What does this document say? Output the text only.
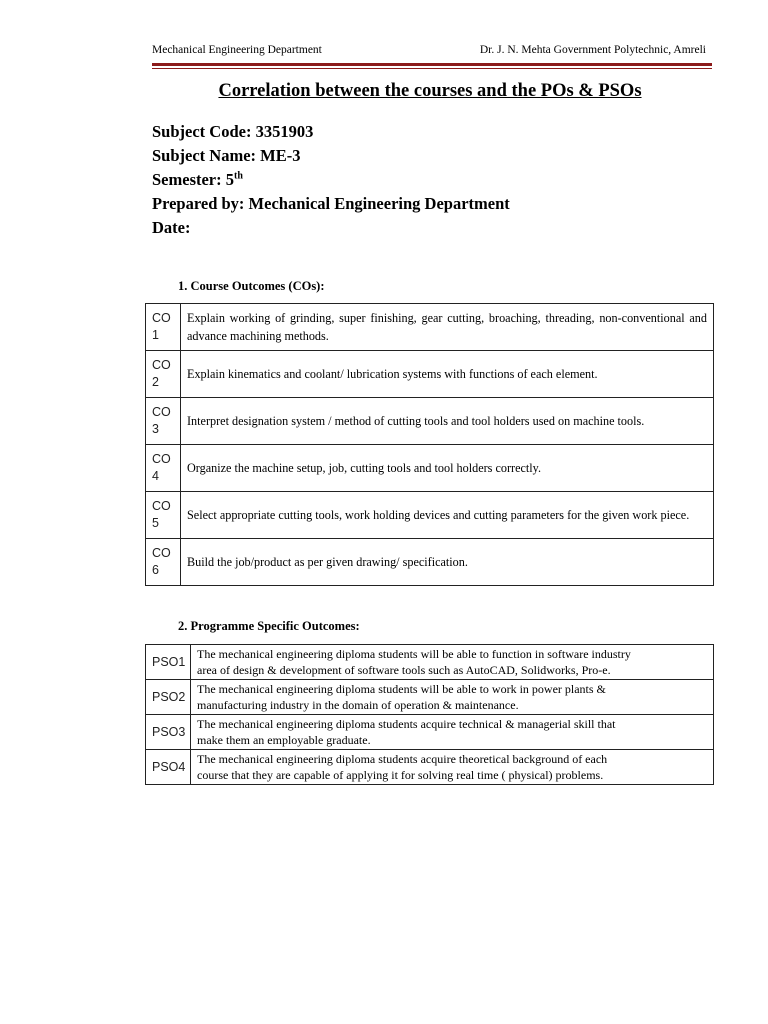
Mechanical Engineering Department	Dr. J. N. Mehta Government Polytechnic, Amreli
Correlation between the courses and the POs & PSOs
Subject Code: 3351903
Subject Name: ME-3
Semester: 5th
Prepared by: Mechanical Engineering Department
Date:
1. Course Outcomes (COs):
CO
1	Explain working of grinding, super finishing, gear cutting, broaching, threading, non-conventional and advance machining methods.
CO
2	Explain kinematics and coolant/ lubrication systems with functions of each element.
CO
3	Interpret designation system / method of cutting tools and tool holders used on machine tools.
CO
4	Organize the machine setup, job, cutting tools and tool holders correctly.
CO
5	Select appropriate cutting tools, work holding devices and cutting parameters for the given work piece.
CO
6	Build the job/product as per given drawing/ specification.
2. Programme Specific Outcomes:
PSO1	The mechanical engineering diploma students will be able to function in software industry
area of design & development of software tools such as AutoCAD, Solidworks, Pro-e.
PSO2	The mechanical engineering diploma students will be able to work in power plants &
manufacturing industry in the domain of operation & maintenance.
PSO3	The mechanical engineering diploma students acquire technical & managerial skill that
make them an employable graduate.
PSO4	The mechanical engineering diploma students acquire theoretical background of each
course that they are capable of applying it for solving real time ( physical) problems.
